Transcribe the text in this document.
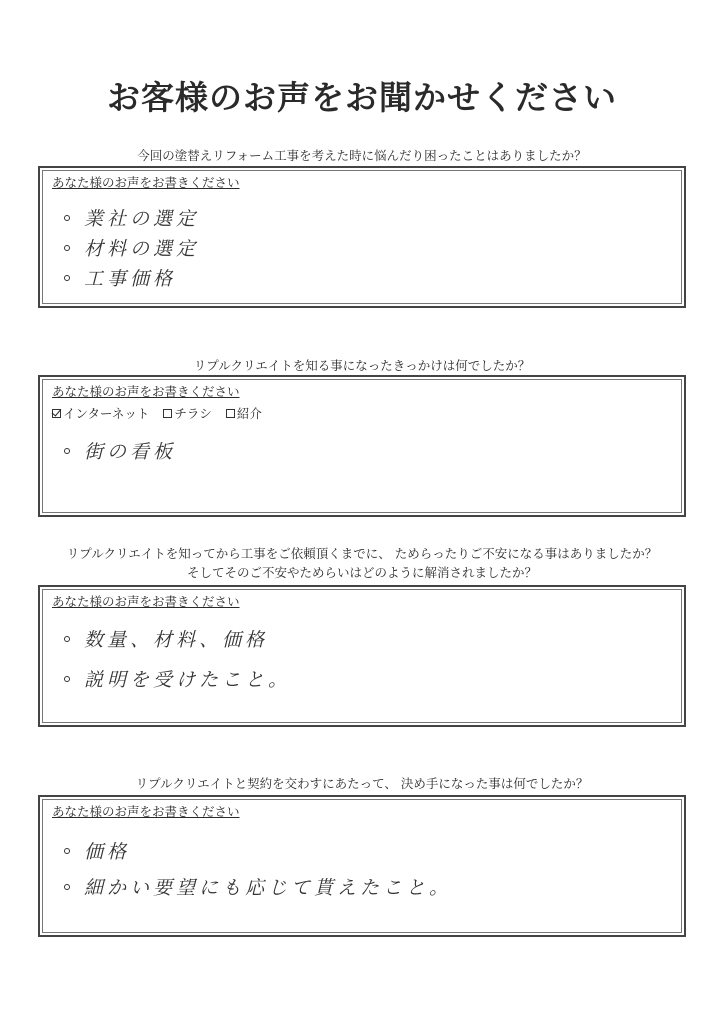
お客様のお声をお聞かせください
今回の塗替えリフォーム工事を考えた時に悩んだり困ったことはありましたか？
あなた様のお声をお書きください
業社の選定
材料の選定
工事価格
リプルクリエイトを知る事になったきっかけは何でしたか？
あなた様のお声をお書きください
インターネット チラシ 紹介
街の看板
リプルクリエイトを知ってから工事をご依頼頂くまでに、 ためらったりご不安になる事はありましたか？
そしてそのご不安やためらいはどのように解消されましたか？
あなた様のお声をお書きください
数量、材料、価格
説明を受けたこと。
リプルクリエイトと契約を交わすにあたって、 決め手になった事は何でしたか？
あなた様のお声をお書きください
価格
細かい要望にも応じて貰えたこと。
